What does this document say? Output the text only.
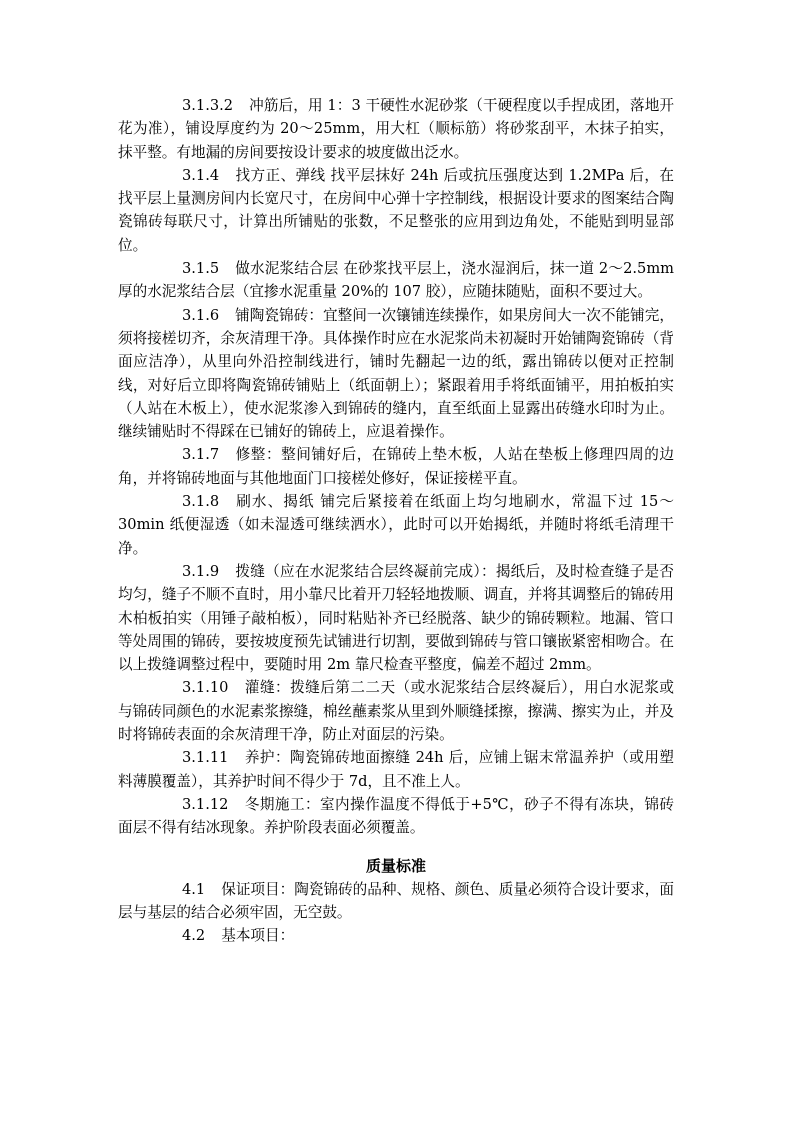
3.1.3.2 冲筋后，用 1：3 干硬性水泥砂浆（干硬程度以手捏成团，落地开花为准），铺设厚度约为 20～25mm，用大杠（顺标筋）将砂浆刮平，木抹子拍实，抹平整。有地漏的房间要按设计要求的坡度做出泛水。

3.1.4 找方正、弹线 找平层抹好 24h 后或抗压强度达到 1.2MPa 后，在找平层上量测房间内长宽尺寸，在房间中心弹十字控制线，根据设计要求的图案结合陶瓷锦砖每联尺寸，计算出所铺贴的张数，不足整张的应用到边角处，不能贴到明显部位。

3.1.5 做水泥浆结合层 在砂浆找平层上，浇水湿润后，抹一道 2～2.5mm 厚的水泥浆结合层（宜掺水泥重量 20%的 107 胶），应随抹随贴，面积不要过大。

3.1.6 铺陶瓷锦砖：宜整间一次镶铺连续操作，如果房间大一次不能铺完，须将接槎切齐，余灰清理干净。具体操作时应在水泥浆尚未初凝时开始铺陶瓷锦砖（背面应洁净），从里向外沿控制线进行，铺时先翻起一边的纸，露出锦砖以便对正控制线，对好后立即将陶瓷锦砖铺贴上（纸面朝上）；紧跟着用手将纸面铺平，用拍板拍实（人站在木板上），使水泥浆渗入到锦砖的缝内，直至纸面上显露出砖缝水印时为止。继续铺贴时不得踩在已铺好的锦砖上，应退着操作。

3.1.7 修整：整间铺好后，在锦砖上垫木板，人站在垫板上修理四周的边角，并将锦砖地面与其他地面门口接槎处修好，保证接槎平直。

3.1.8 刷水、揭纸 铺完后紧接着在纸面上均匀地刷水，常温下过 15～30min 纸便湿透（如未湿透可继续洒水），此时可以开始揭纸，并随时将纸毛清理干净。

3.1.9 拨缝（应在水泥浆结合层终凝前完成）：揭纸后，及时检查缝子是否均匀，缝子不顺不直时，用小靠尺比着开刀轻轻地拨顺、调直，并将其调整后的锦砖用木柏板拍实（用锤子敲柏板），同时粘贴补齐已经脱落、缺少的锦砖颗粒。地漏、管口等处周围的锦砖，要按坡度预先试铺进行切割，要做到锦砖与管口镶嵌紧密相吻合。在以上拨缝调整过程中，要随时用 2m 靠尺检查平整度，偏差不超过 2mm。

3.1.10 灌缝：拨缝后第二二天（或水泥浆结合层终凝后），用白水泥浆或与锦砖同颜色的水泥素浆擦缝，棉丝蘸素浆从里到外顺缝揉擦，擦满、擦实为止，并及时将锦砖表面的余灰清理干净，防止对面层的污染。

3.1.11 养护：陶瓷锦砖地面擦缝 24h 后，应铺上锯末常温养护（或用塑料薄膜覆盖），其养护时间不得少于 7d，且不准上人。

3.1.12 冬期施工：室内操作温度不得低于+5℃，砂子不得有冻块，锦砖面层不得有结冰现象。养护阶段表面必须覆盖。

质量标准

4.1 保证项目：陶瓷锦砖的品种、规格、颜色、质量必须符合设计要求，面层与基层的结合必须牢固，无空鼓。

4.2 基本项目：
